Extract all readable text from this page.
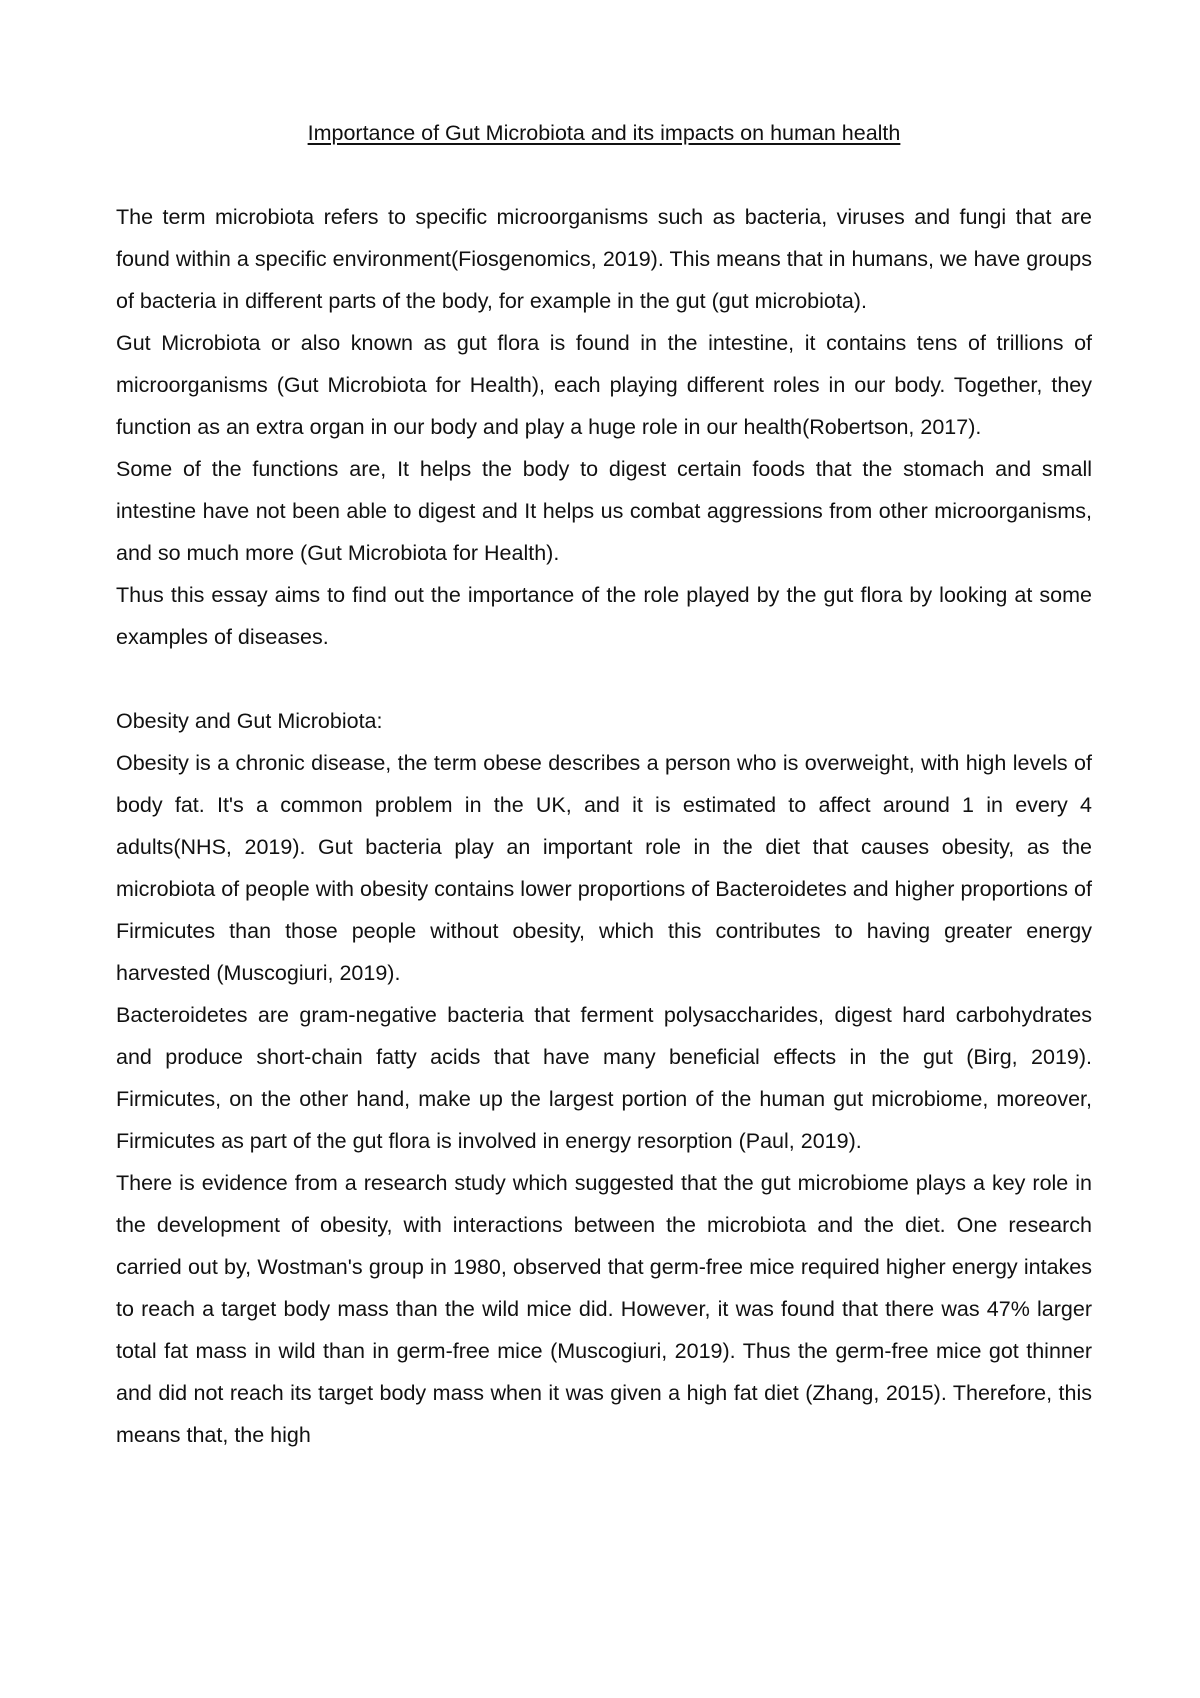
Importance of Gut Microbiota and its impacts on human health

The term microbiota refers to specific microorganisms such as bacteria, viruses and fungi that are found within a specific environment(Fiosgenomics, 2019). This means that in humans, we have groups of bacteria in different parts of the body, for example in the gut (gut microbiota).

Gut Microbiota or also known as gut flora is found in the intestine, it contains tens of trillions of microorganisms (Gut Microbiota for Health), each playing different roles in our body. Together, they function as an extra organ in our body and play a huge role in our health(Robertson, 2017).

Some of the functions are, It helps the body to digest certain foods that the stomach and small intestine have not been able to digest and It helps us combat aggressions from other microorganisms, and so much more (Gut Microbiota for Health).

Thus this essay aims to find out the importance of the role played by the gut flora by looking at some examples of diseases.

Obesity and Gut Microbiota:

Obesity is a chronic disease, the term obese describes a person who is overweight, with high levels of body fat. It's a common problem in the UK, and it is estimated to affect around 1 in every 4 adults(NHS, 2019). Gut bacteria play an important role in the diet that causes obesity, as the microbiota of people with obesity contains lower proportions of Bacteroidetes and higher proportions of Firmicutes than those people without obesity, which this contributes to having greater energy harvested (Muscogiuri, 2019).

Bacteroidetes are gram-negative bacteria that ferment polysaccharides, digest hard carbohydrates and produce short-chain fatty acids that have many beneficial effects in the gut (Birg, 2019). Firmicutes, on the other hand, make up the largest portion of the human gut microbiome, moreover, Firmicutes as part of the gut flora is involved in energy resorption (Paul, 2019).

There is evidence from a research study which suggested that the gut microbiome plays a key role in the development of obesity, with interactions between the microbiota and the diet. One research carried out by, Wostman's group in 1980, observed that germ-free mice required higher energy intakes to reach a target body mass than the wild mice did. However, it was found that there was 47% larger total fat mass in wild than in germ-free mice (Muscogiuri, 2019). Thus the germ-free mice got thinner and did not reach its target body mass when it was given a high fat diet (Zhang, 2015). Therefore, this means that, the high
